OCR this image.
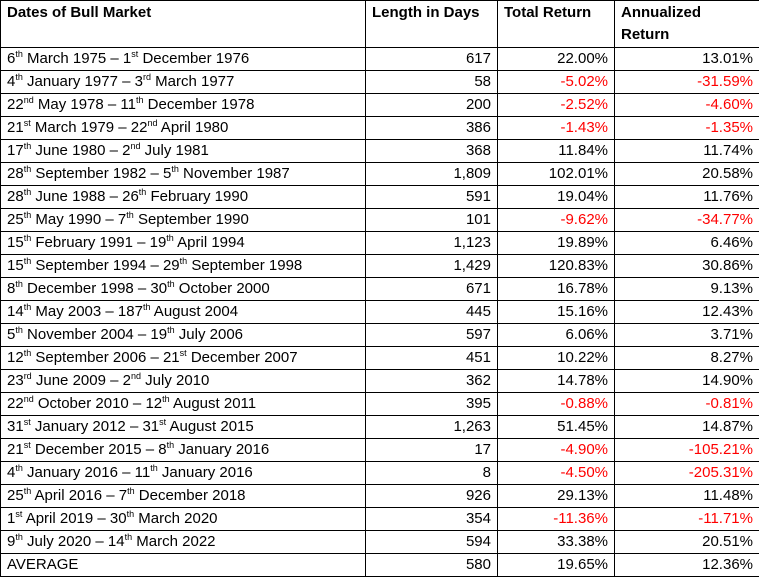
Dates of Bull Market	Length in Days	Total Return	Annualized Return
6th March 1975 – 1st December 1976	617	22.00%	13.01%
4th January 1977 – 3rd March 1977	58	-5.02%	-31.59%
22nd May 1978 – 11th December 1978	200	-2.52%	-4.60%
21st March 1979 – 22nd April 1980	386	-1.43%	-1.35%
17th June 1980 – 2nd July 1981	368	11.84%	11.74%
28th September 1982 – 5th November 1987	1,809	102.01%	20.58%
28th June 1988 – 26th February 1990	591	19.04%	11.76%
25th May 1990 – 7th September 1990	101	-9.62%	-34.77%
15th February 1991 – 19th April 1994	1,123	19.89%	6.46%
15th September 1994 – 29th September 1998	1,429	120.83%	30.86%
8th December 1998 – 30th October 2000	671	16.78%	9.13%
14th May 2003 – 187th August 2004	445	15.16%	12.43%
5th November 2004 – 19th July 2006	597	6.06%	3.71%
12th September 2006 – 21st December 2007	451	10.22%	8.27%
23rd June 2009 – 2nd July 2010	362	14.78%	14.90%
22nd October 2010 – 12th August 2011	395	-0.88%	-0.81%
31st January 2012 – 31st August 2015	1,263	51.45%	14.87%
21st December 2015 – 8th January 2016	17	-4.90%	-105.21%
4th January 2016 – 11th January 2016	8	-4.50%	-205.31%
25th April 2016 – 7th December 2018	926	29.13%	11.48%
1st April 2019 – 30th March 2020	354	-11.36%	-11.71%
9th July 2020 – 14th March 2022	594	33.38%	20.51%
AVERAGE	580	19.65%	12.36%
